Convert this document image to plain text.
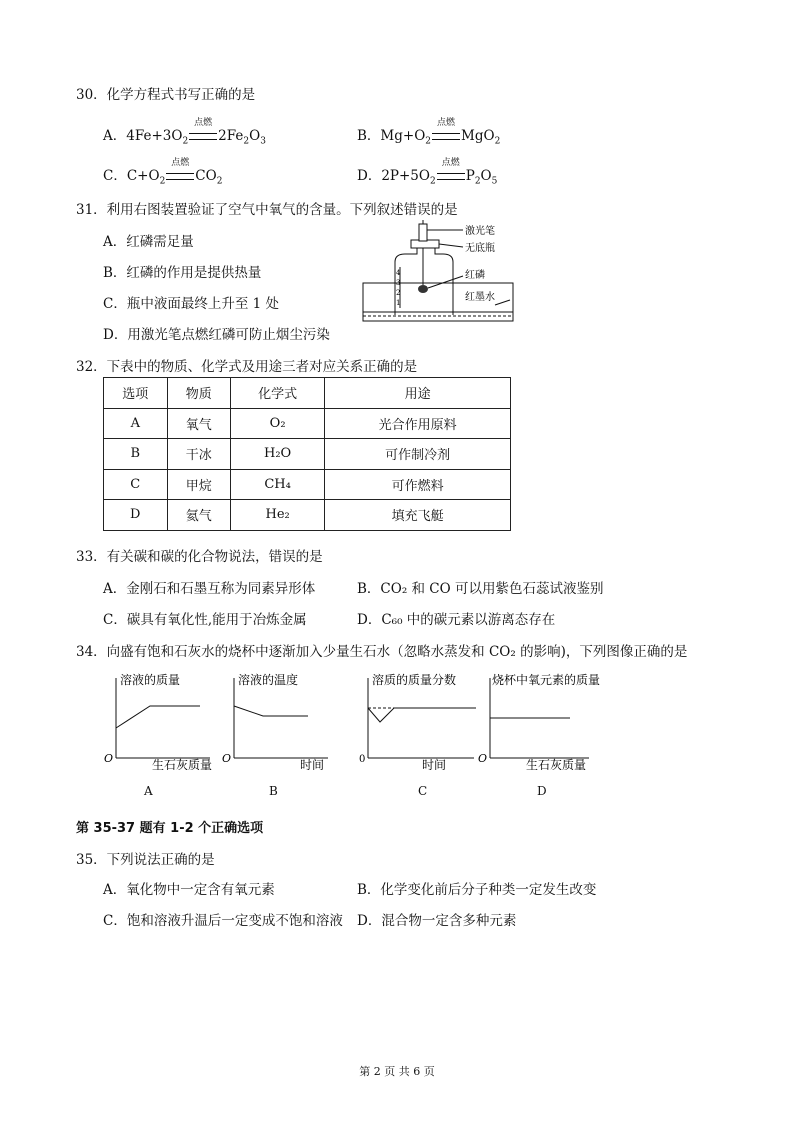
30．化学方程式书写正确的是
A．$4Fe+3O_2$
点燃
$2Fe_2O_3$	B．$Mg+O_2$
点燃
MgO$_2$
C．$C+O_2$
点燃
$CO_2$	D．$2P+5O_2$
点燃
$P_2O_5$
31．利用右图装置验证了空气中氧气的含量。下列叙述错误的是
A．红磷需足量
B．红磷的作用是提供热量
C．瓶中液面最终上升至 1 处
D．用激光笔点燃红磷可防止烟尘污染
4
3
2
1
激光笔
无底瓶
红磷
红墨水
32．下表中的物质、化学式及用途三者对应关系正确的是
选项	物质	化学式	用途
A	氧气	O₂	光合作用原料
B	干冰	H₂O	可作制冷剂
C	甲烷	CH₄	可作燃料
D	氦气	He₂	填充飞艇
33．有关碳和碳的化合物说法，错误的是
A．金刚石和石墨互称为同素异形体	B．CO₂ 和 CO 可以用紫色石蕊试液鉴别
C．碳具有氧化性,能用于冶炼金属	D．C₆₀ 中的碳元素以游离态存在
34．向盛有饱和石灰水的烧杯中逐渐加入少量生石水（忽略水蒸发和 CO₂ 的影响)，下列图像正确的是
溶液的质量
O	生石灰质量
溶液的温度
O	时间
溶质的质量分数
0	时间
烧杯中氧元素的质量
O	生石灰质量
A	B	C	D
第 35-37 题有 1-2 个正确选项
35．下列说法正确的是
A．氧化物中一定含有氧元素	B．化学变化前后分子种类一定发生改变
C．饱和溶液升温后一定变成不饱和溶液 D．混合物一定含多种元素
第 2 页 共 6 页
